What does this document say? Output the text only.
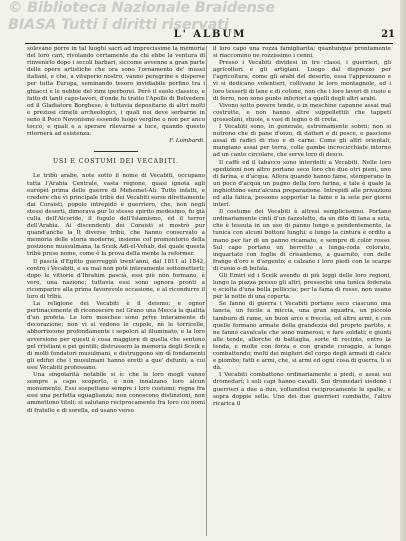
© Biblioteca Nazionale Braidense
BIASA Tutti i diritti riservati
L' ALBUM	21

solevano porre in tal luoghi sacri ad imprecissime la memoria del loro cari, rivolando certamente da chi ebbe la ventura di rinvenirlo dopo i secoli barbari, siccome avvenne a gran parte delle opere artistiche che ora sono l'ornamento de' musei italiani, e che, a vituperio nostro, vanno peregrine e disperse per tutta Europa, seminando tesoro invidiabile perfino tra i ghiacci e le nebbie del zimi iperborei. Però il suolo classico, e fatto di tanti capo-lavori, d'onde fu tratto l'Apollo di Belvedere ed il Gladiatore Borghese, è tuttavia depositario di altri molti e preziosi cimelii archeologici, i quali noi deve serbarne in seno il Poco Novonismo essendo luogo vergine o non per anco tocco, e quali e a sperare rilevarne a luce, quando questo ritornerà ad esistenza.

F. Lombardi.

USI E COSTUMI DEI VECABITI.

Le tribù arabe, note sotto il nome di Vecabiti, occupano tutta l'Arabia Centrale, vasta regione, quasi ignota agli europei prima delle guerre di Mehemet-Alì. Tutte infatti, e credere che vi principale tribù dei Vecabiti sorse direttamente dai Coraisti, popolo intrepido e guerriero, che, non negli stessi deserti, dimorava pur lo stesso spirito medesimo, fu già culla dell'Alcoride, il fugulo dell'Islamismo, ed il terror dell'Arabia. Ai discendenti dei Coraisti si mostrò pur quand'anche la lt diverse tribù, che hanno conservato a memoria delle storia moderne, insieme col promontorio della posizione mussulmana, la Sceik Adi-el-Vehab, del quale questa tribù prese nome, come è la prova della mente la reformer.

Il pascià d'Egitto guerreggiò trent'anni, dal 1811 al 1842, contro i Vecabiti, e su mai non potè interamente sottometterli; dopo le vittorie d'Ibrahim pascià, essi più non formano, è vero, una nazione; tuttavia essi sono ognora pronti a ricomparire alla prima favorevole occasione, e al ricondurre il loro di tribù.

La religione dei Vecabiti è il deismo; e ognor pertinacemente di riconoscere nel Grano una Mecca la qualità d'un profeta. Le loro moschee sono prive interamente di decorazione; non vi si vedono le cupole, nè le torricelle, abborriscono profondamente i sepolcri al illuminato, e la loro avversione per questi è cosa maggiore di quella che sentono pel cristiani e pei gentili; distrussero la memoria degli Sceik e di molti fondatori musulmani, e distruggono sin dì fondamenti gli edifizi che i musulmani hanno eretti a que' defunti, a cui essi Vecabiti professano.

Una singolarità notabile si è: che le loro mogli vanno sempre a capo scoperto, e non innalzano loro alcun monumento. Essi sospettano sempre i loro costumi; regna fra essi una perfetta eguaglianza; non conoscono distinzioni, non ammettono titoli; si salutano reciprocamente fra loro coi nomi di fratello e di sorella, ed usano verso

il loro capo una rozza famigliarità; quantunque prontamente si riaccomino ne rozzissimo i cenni.

Presso i Vecabiti dividesi in tre classi, i guerrieri, gli agricoltori e gli artigiani. Luogo dal disprezzo per l'agricoltura, come gli arabi del deserto, essa l'apprezzano e vi si dedicano volentieri, coltivano le loro montagnole, ed i loro tesserli di lane e di cotone, non che i loro lavori di cuoio e di ferro, non sono punto inferiori a quelli degli altri arabi.

Vivono sotto povere tende, o in meschine capanne assai mal costrutte, e non hanno altre suppellettili che tappeti grossolani, stuoie, e vasi di legno o di creta.

I Vecabiti sono, in generale, estremamente sobrii; non si nutrono che di pane d'orzo, di datteri e di pesce, e pasciono assai di radici di riso e di carne. Come gli altri orientali, mangiano assai per terra, colle gambe incrocicchiate intorno ad un canto circolare, che serve loro di desco.

Il caffè ed il tabacco sono interdetti a Vecabiti. Nelle loro spedizioni non altro portano seco loro che due otri pieni, uno di farina, e d'acqua. Allora quando hanno fame, stemperano in un poco d'acqua un pugno della loro farina, e tale è quale la inghiottono senz'alcuna preparazione. Intrepidi alle privazioni ed alla fatica, possono sopportar la fame e la sete per giorni interi.

Il costume dei Vecabiti è altresì semplicissimo. Portano ordinariamente cinti d'un fazzoletto, da un dito di lana a seta, che è tessuta in un uso di panno lungo e pendentemente, la tunica con alcuni bottoni lunghi; e lungo la cintura è ordito a mano per far di un panno ricamato, e sempre di color rosso. Sul capo portano un berretto a lunga-coda colorato, inquartato con foglie di crisantemo, a guarnito, con delle frange d'oro e d'argento; e calzano i loro piedi con le scarpe di cuoio o di bufala.

Gli Emiri ed i Sceik avendo di più leggi delle loro regioni, lungo la piazza presso gli altri, pressochè una tunica foderata e sciolta d'una bella pelliccia; per la fama di rosse, non usano per la notte di una coperta.

Se fanno di guerra i Vecabiti portano seco ciascuno una lancia, un fucile a miccia, una gran squadra, un piccolo tamburo di rame, un buon arco e freccia, ed altre armi, e con quelle formano armate della grandezza del proprio partito, e ne fanno cavalcate che sono numerosi, e fare soldati; e giunti alle tende, allorche di battaglia, sorte di recinto, entro la tenda, e molte con forza e con grande coraggio, a lungo combattendo; molti dei migliori del corpo degli armati di calce e piombo; fatti e armi, che, si armi ed ogni cosa di guerra, li si dà.

I Vecabiti combattono ordinariamente a piedi, e assai sui dromedarî; i soli capi hanno cavalli. Sui dromedarî siedono i guerrieri a due a due, voltandosi reciprocamente le spalle, e sopra doppie selle. Uno dei due guerrieri combatte, l'altro ricarica il
